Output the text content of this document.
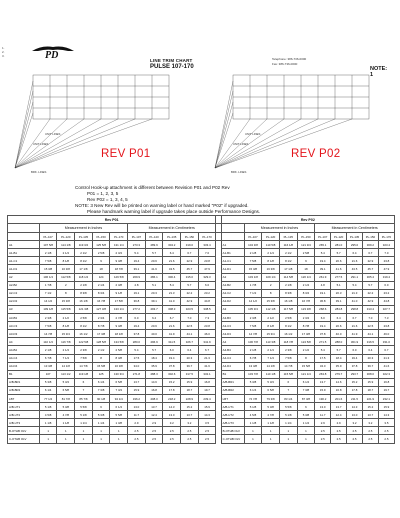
1.
2.
3.	PD	LINE TRIM CHART
PULSE 107-170
Telephone: 386-736-0000
Fax: 386-736-0000
NOTE:
1
UNIT LINES
UNIT LINES
BRK. LINES
UNIT LINES
UNIT LINES
BRK. LINES
REV P01	REV P02
Control Hook-up attachment is different between Revision P01 and P02 Rev
P01 = 1, 2, 3, 5
Rev P02 = 1, 3, 4, 5
NOTE: 3 New Rev will be printed on warning label or hand marked "P02" if upgraded.
Please handmark warning label if upgrade takes place outside Performance Designs.
Rev P01												Rev P02									
	Measurement in Inches					Measurement in Centimeters							Measurement in Inches				Measurement in Centimeters				
	PL-107	PL-120	PL-135	PL-150	PL-170	PL-107	PL-120	PL-135	PL-150	PL-170			PL-107	PL-120	PL-135	PL-150	PL-107	PL-120	PL-135	PL-150	PL-170
A1	107 5/8	114 1/8	119 3/4	125 5/8	131 1/4	273.3	289.9	304.2	319.0	333.4		A1	104 3/8	110 5/8	116 1/8	121 3/4	265.1	281.0	295.0	309.2	323.4
A1-B1	2 1/8	2 1/4	2 1/2	2 5/8	2 3/4	5.4	5.7	6.4	6.7	7.0		A1-B1	2 1/8	2 1/4	2 1/2	2 5/8	5.4	5.7	6.4	6.7	7.0
A1-C1	7 5/8	8 1/8	8 1/2	9	9 3/8	19.4	20.6	21.6	22.9	23.8		A1-C1	7 5/8	8 1/8	8 1/2	9	19.4	20.6	21.6	22.9	23.8
A1-D1	15 3/8	16 3/8	17 1/8	18	18 7/8	39.1	41.6	43.5	45.7	47.9		A1-D1	15 3/8	16 3/8	17 1/8	18	39.1	41.6	43.5	45.7	47.9
A2	106 1/4	112 5/8	118 1/4	124	129 5/8	269.9	286.1	300.4	315.0	329.3		A2	103 1/8	109 1/4	114 5/8	120 1/4	261.9	277.5	291.1	305.4	319.4
A2-B2	1 7/8	2	2 1/8	2 1/4	2 3/8	4.8	5.1	5.4	5.7	6.0		A2-B2	1 7/8	2	2 1/8	2 1/4	4.8	5.1	5.4	5.7	6.0
A2-C2	7 1/2	8	8 3/8	8 3/4	9 1/8	19.1	20.3	21.3	22.2	23.2		A2-C2	7 1/2	8	8 3/8	8 3/4	19.1	20.3	21.3	22.2	23.2
A2-D2	14 1/2	15 3/8	16 1/8	16 7/8	17 5/8	36.8	39.1	41.0	42.9	44.8		A2-D2	14 1/2	15 3/8	16 1/8	16 7/8	36.8	39.1	41.0	42.9	44.8
A3	109 1/8	115 5/8	121 3/8	127 3/8	133 1/4	277.2	293.7	308.3	323.5	338.5		A3	105 3/4	112 1/8	117 5/8	123 3/8	268.6	284.8	298.8	313.4	327.7
A3-B3	2 3/8	2 1/2	2 5/8	2 3/4	2 7/8	6.0	6.4	6.7	7.0	7.3		A3-B3	2 3/8	2 1/2	2 5/8	2 3/4	6.0	6.4	6.7	7.0	7.3
A3-C3	7 5/8	8 1/8	8 1/2	8 7/8	9 3/8	19.4	20.6	21.6	22.5	23.8		A3-C3	7 5/8	8 1/8	8 1/2	8 7/8	19.4	20.6	21.6	22.5	23.8
A3-D3	14 7/8	15 3/4	16 1/2	17 3/8	18 1/8	37.8	40.0	41.9	44.1	46.0		A3-D3	14 7/8	15 3/4	16 1/2	17 3/8	37.8	40.0	41.9	44.1	46.0
A4	110 1/4	116 7/8	122 5/8	128 5/8	134 5/8	280.0	296.9	311.5	326.7	341.9		A4	106 7/8	113 3/8	118 7/8	124 5/8	271.5	288.0	301.9	316.5	331.0
A4-B4	2 1/8	2 1/4	2 3/8	2 1/2	2 5/8	5.4	5.7	6.0	6.4	6.7		A4-B4	2 1/8	2 1/4	2 3/8	2 1/2	5.4	5.7	6.0	6.4	6.7
A4-C4	6 7/8	7 1/4	7 5/8	8	8 3/8	17.5	18.4	19.4	20.3	21.3		A4-C4	6 7/8	7 1/4	7 5/8	8	17.5	18.4	19.4	20.3	21.3
A4-D4	13 3/8	14 1/8	14 7/8	15 5/8	16 3/8	34.0	35.9	37.8	39.7	41.6		A4-D4	13 3/8	14 1/8	14 7/8	15 5/8	34.0	35.9	37.8	39.7	41.6
B1	107	113 1/2	119 1/8	125	130 3/4	271.8	288.3	302.6	317.5	332.1		B1	103 7/8	110 1/8	115 5/8	121 1/4	263.8	279.7	293.7	308.0	322.3
A/B-BR1	5 3/8	5 3/4	6	6 1/4	6 5/8	13.7	14.6	15.2	15.9	16.8		A/B-BR1	5 3/8	5 3/4	6	6 1/4	13.7	14.6	15.2	15.9	16.8
A/B-BR2	6 1/4	6 5/8	7	7 3/8	7 3/4	15.9	16.8	17.8	18.7	19.7		A/B-BR2	6 1/4	6 5/8	7	7 3/8	15.9	16.8	17.8	18.7	19.7
LBT	77 1/4	81 7/8	85 7/8	90 1/8	94 1/4	196.2	208.0	218.2	228.9	239.4		LBT	74 7/8	79 3/8	83 1/4	87 3/8	190.2	201.6	211.5	221.9	232.1
A/B-UT1	5 1/8	5 3/8	5 5/8	6	6 1/4	13.0	13.7	14.3	15.2	15.9		A/B-UT1	5 1/8	5 3/8	5 5/8	6	13.0	13.7	14.3	15.2	15.9
A/B-UT2	4 5/8	4 7/8	5 1/8	5 3/8	5 5/8	11.7	12.4	13.0	13.7	14.3		A/B-UT2	4 5/8	4 7/8	5 1/8	5 3/8	11.7	12.4	13.0	13.7	14.3
A/B-UT3	1 1/8	1 1/8	1 1/4	1 1/4	1 3/8	2.9	2.9	3.2	3.2	3.5		A/B-UT3	1 1/8	1 1/8	1 1/4	1 1/4	2.9	2.9	3.2	3.2	3.5
B-OTHB OLV	1	1	1	1	1	2.5	2.5	2.5	2.5	2.5		B-OTHB OLV	1	1	1	1	2.5	2.5	2.5	2.5	2.5
C-OTHB OLV	1	1	1	1	1	2.5	2.5	2.5	2.5	2.5		C-OTHB OLV	1	1	1	1	2.5	2.5	2.5	2.5	2.5
